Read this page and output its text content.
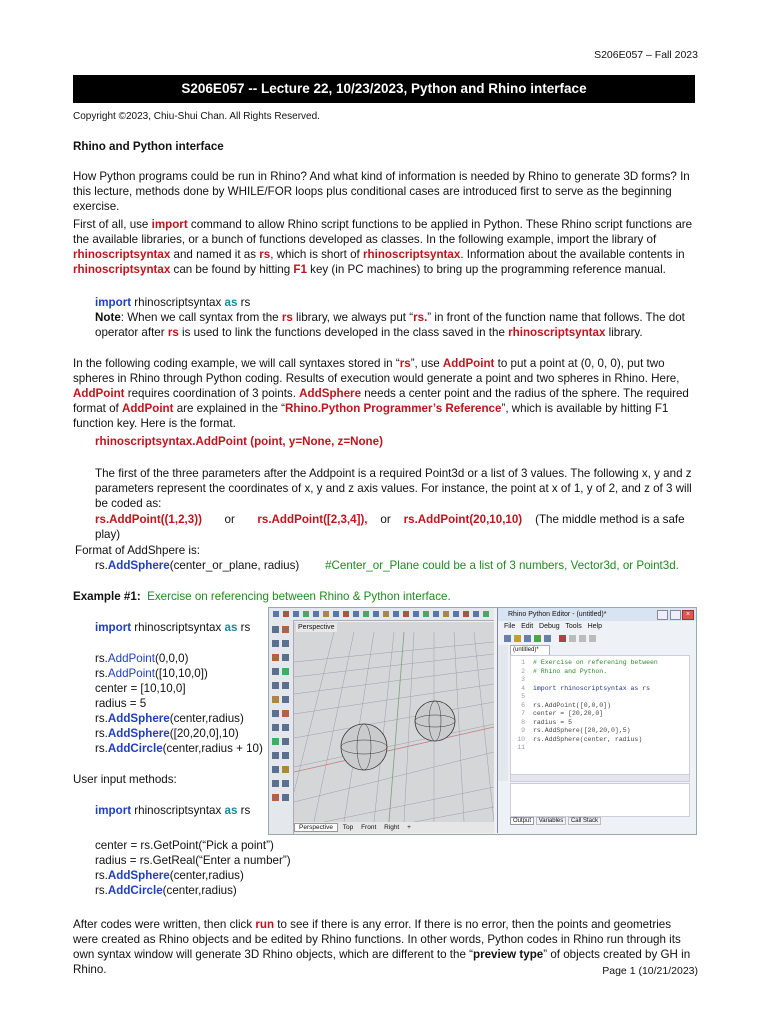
S206E057 – Fall 2023
S206E057 -- Lecture 22, 10/23/2023, Python and Rhino interface
Copyright ©2023, Chiu-Shui Chan. All Rights Reserved.
Rhino and Python interface
How Python programs could be run in Rhino? And what kind of information is needed by Rhino to generate 3D forms? In this lecture, methods done by WHILE/FOR loops plus conditional cases are introduced first to serve as the beginning exercise.
First of all, use import command to allow Rhino script functions to be applied in Python. These Rhino script functions are the available libraries, or a bunch of functions developed as classes. In the following example, import the library of rhinoscriptsyntax and named it as rs, which is short of rhinoscriptsyntax. Information about the available contents in rhinoscriptsyntax can be found by hitting F1 key (in PC machines) to bring up the programming reference manual.
import rhinoscriptsyntax as rs
Note: When we call syntax from the rs library, we always put “rs.” in front of the function name that follows. The dot operator after rs is used to link the functions developed in the class saved in the rhinoscriptsyntax library.
In the following coding example, we will call syntaxes stored in “rs”, use AddPoint to put a point at (0, 0, 0), put two spheres in Rhino through Python coding. Results of execution would generate a point and two spheres in Rhino. Here, AddPoint requires coordination of 3 points. AddSphere needs a center point and the radius of the sphere. The required format of AddPoint are explained in the “Rhino.Python Programmer’s Reference”, which is available by hitting F1 function key. Here is the format.
rhinoscriptsyntax.AddPoint (point, y=None, z=None)
The first of the three parameters after the Addpoint is a required Point3d or a list of 3 values. The following x, y and z parameters represent the coordinates of x, y and z axis values. For instance, the point at x of 1, y of 2, and z of 3 will be coded as:
rs.AddPoint((1,2,3)) or rs.AddPoint([2,3,4]), or rs.AddPoint(20,10,10) (The middle method is a safe play)
Format of AddShpere is:
rs.AddSphere(center_or_plane, radius) #Center_or_Plane could be a list of 3 numbers, Vector3d, or Point3d.
Example #1: Exercise on referencing between Rhino & Python interface.
import rhinoscriptsyntax as rs
rs.AddPoint(0,0,0)
rs.AddPoint([10,10,0])
center = [10,10,0]
radius = 5
rs.AddSphere(center,radius)
rs.AddSphere([20,20,0],10)
rs.AddCircle(center,radius + 10)
User input methods:
import rhinoscriptsyntax as rs
center = rs.GetPoint(“Pick a point”)
radius = rs.GetReal(“Enter a number”)
rs.AddSphere(center,radius)
rs.AddCircle(center,radius)
After codes were written, then click run to see if there is any error. If there is no error, then the points and geometries were created as Rhino objects and be edited by Rhino functions. In other words, Python codes in Rhino run through its own syntax window will generate 3D Rhino objects, which are different to the “preview type” of objects created by GH in Rhino.	Page 1 (10/21/2023)
Perspective
Perspective Top Front Right +
Rhino Python Editor - (untitled)*	×
File Edit Debug Tools Help
(untitled)*
1
2
3
4
5
6
7
8
9
10
11
# Exercise on referening between
# Rhino and Python.

import rhinoscriptsyntax as rs

rs.AddPoint([0,0,0])
center = [20,20,0]
radius = 5
rs.AddSphere([20,20,0],5)
rs.AddSphere(center, radius)

Output Variables Call Stack
